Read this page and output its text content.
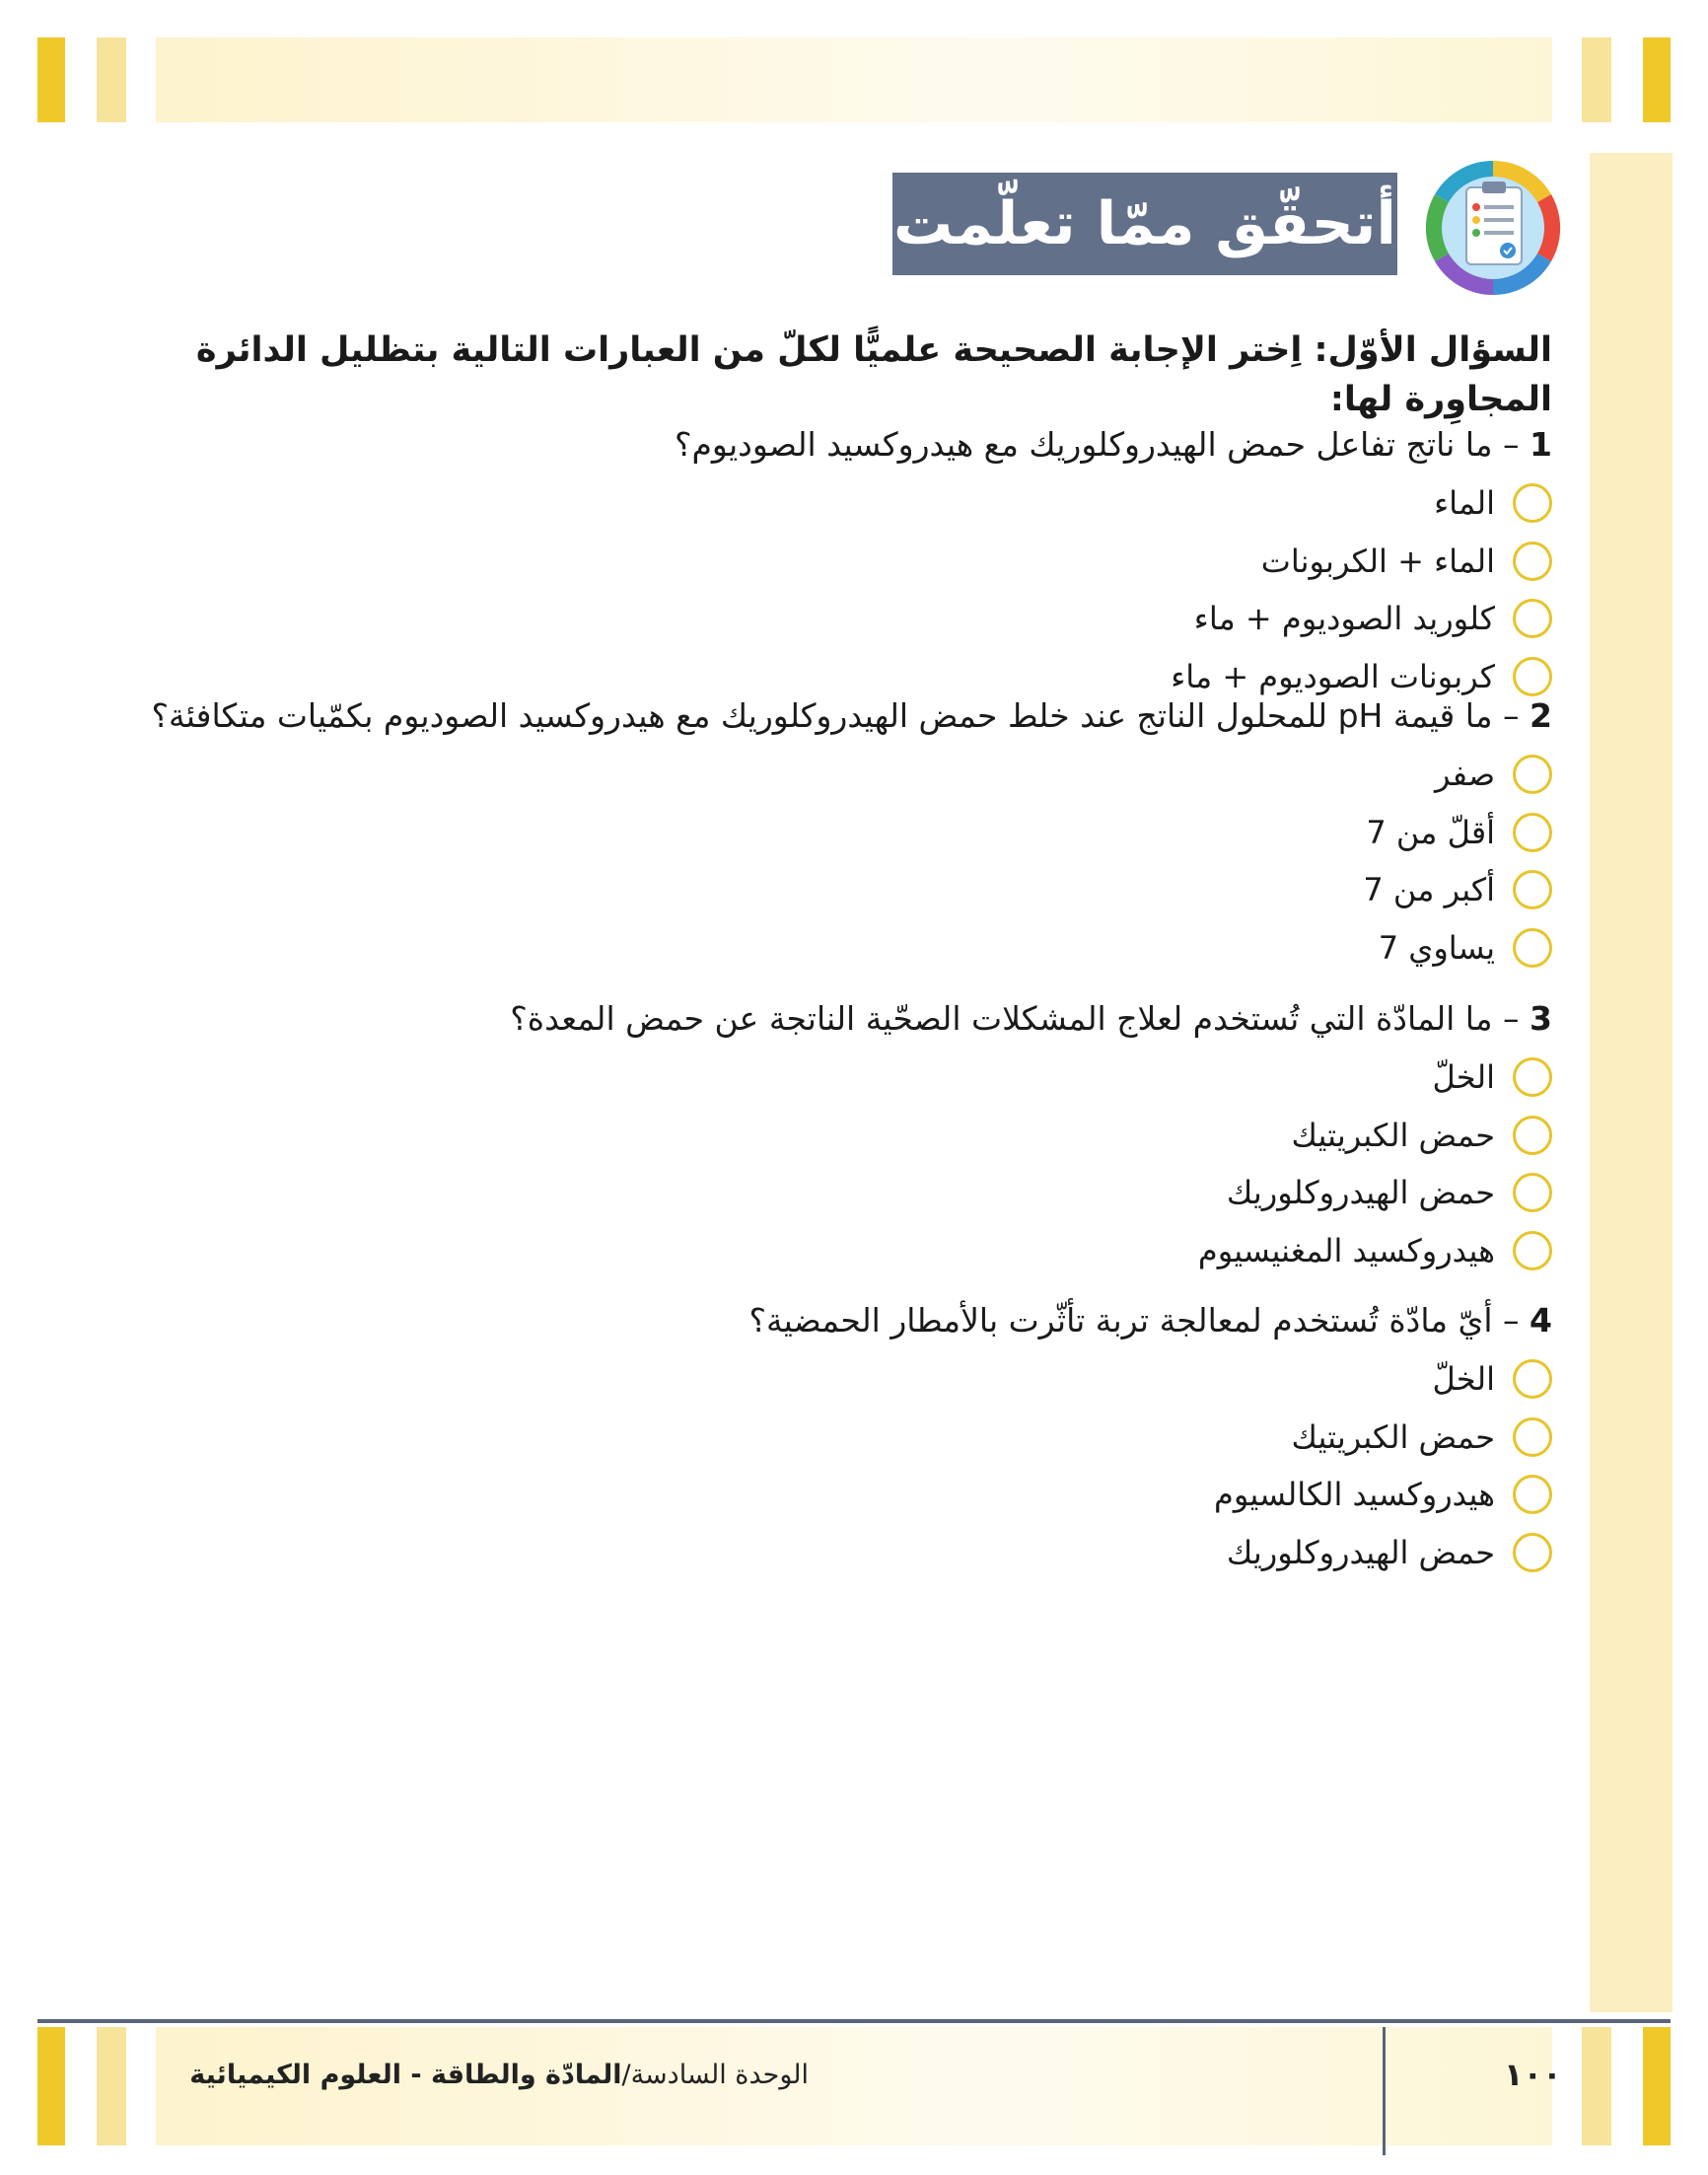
أتحقّق ممّا تعلّمت
السؤال الأوّل: اِختر الإجابة الصحيحة علميًّا لكلّ من العبارات التالية بتظليل الدائرة المجاوِرة لها:
1 – ما ناتج تفاعل حمض الهيدروكلوريك مع هيدروكسيد الصوديوم؟
الماء
الماء + الكربونات
كلوريد الصوديوم + ماء
كربونات الصوديوم + ماء
2 – ما قيمة pH للمحلول الناتج عند خلط حمض الهيدروكلوريك مع هيدروكسيد الصوديوم بكمّيات متكافئة؟
صفر
أقلّ من 7
أكبر من 7
يساوي 7
3 – ما المادّة التي تُستخدم لعلاج المشكلات الصحّية الناتجة عن حمض المعدة؟
الخلّ
حمض الكبريتيك
حمض الهيدروكلوريك
هيدروكسيد المغنيسيوم
4 – أيّ مادّة تُستخدم لمعالجة تربة تأثّرت بالأمطار الحمضية؟
الخلّ
حمض الكبريتيك
هيدروكسيد الكالسيوم
حمض الهيدروكلوريك
الوحدة السادسة/المادّة والطاقة - العلوم الكيميائية	١٠٠
